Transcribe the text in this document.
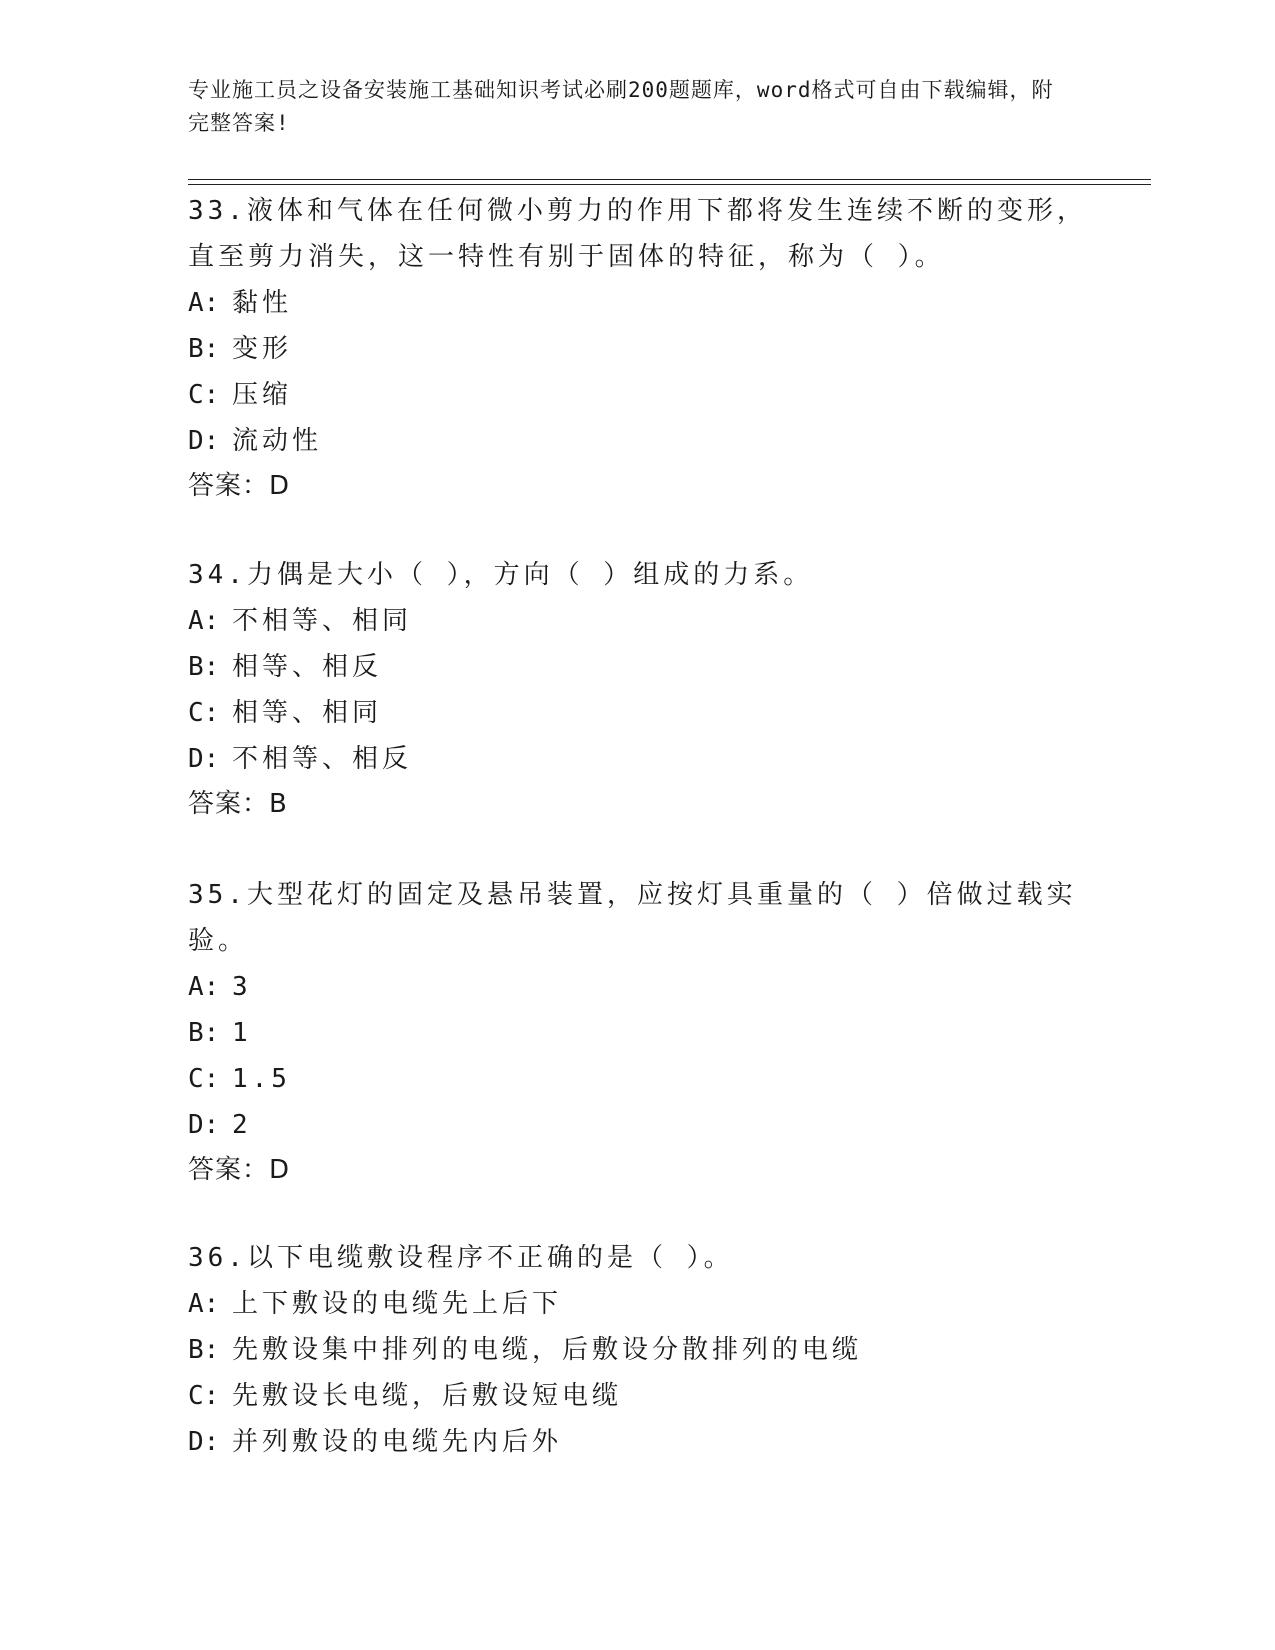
专业施工员之设备安装施工基础知识考试必刷200题题库，word格式可自由下载编辑，附完整答案!

33.液体和气体在任何微小剪力的作用下都将发生连续不断的变形，直至剪力消失，这一特性有别于固体的特征，称为（ ）。

A: 黏性
B: 变形
C: 压缩
D: 流动性
答案：D

34.力偶是大小（ ），方向（ ）组成的力系。

A: 不相等、相同
B: 相等、相反
C: 相等、相同
D: 不相等、相反
答案：B

35.大型花灯的固定及悬吊装置，应按灯具重量的（ ）倍做过载实验。

A: 3
B: 1
C: 1.5
D: 2
答案：D

36.以下电缆敷设程序不正确的是（ ）。

A: 上下敷设的电缆先上后下
B: 先敷设集中排列的电缆，后敷设分散排列的电缆
C: 先敷设长电缆，后敷设短电缆
D: 并列敷设的电缆先内后外
